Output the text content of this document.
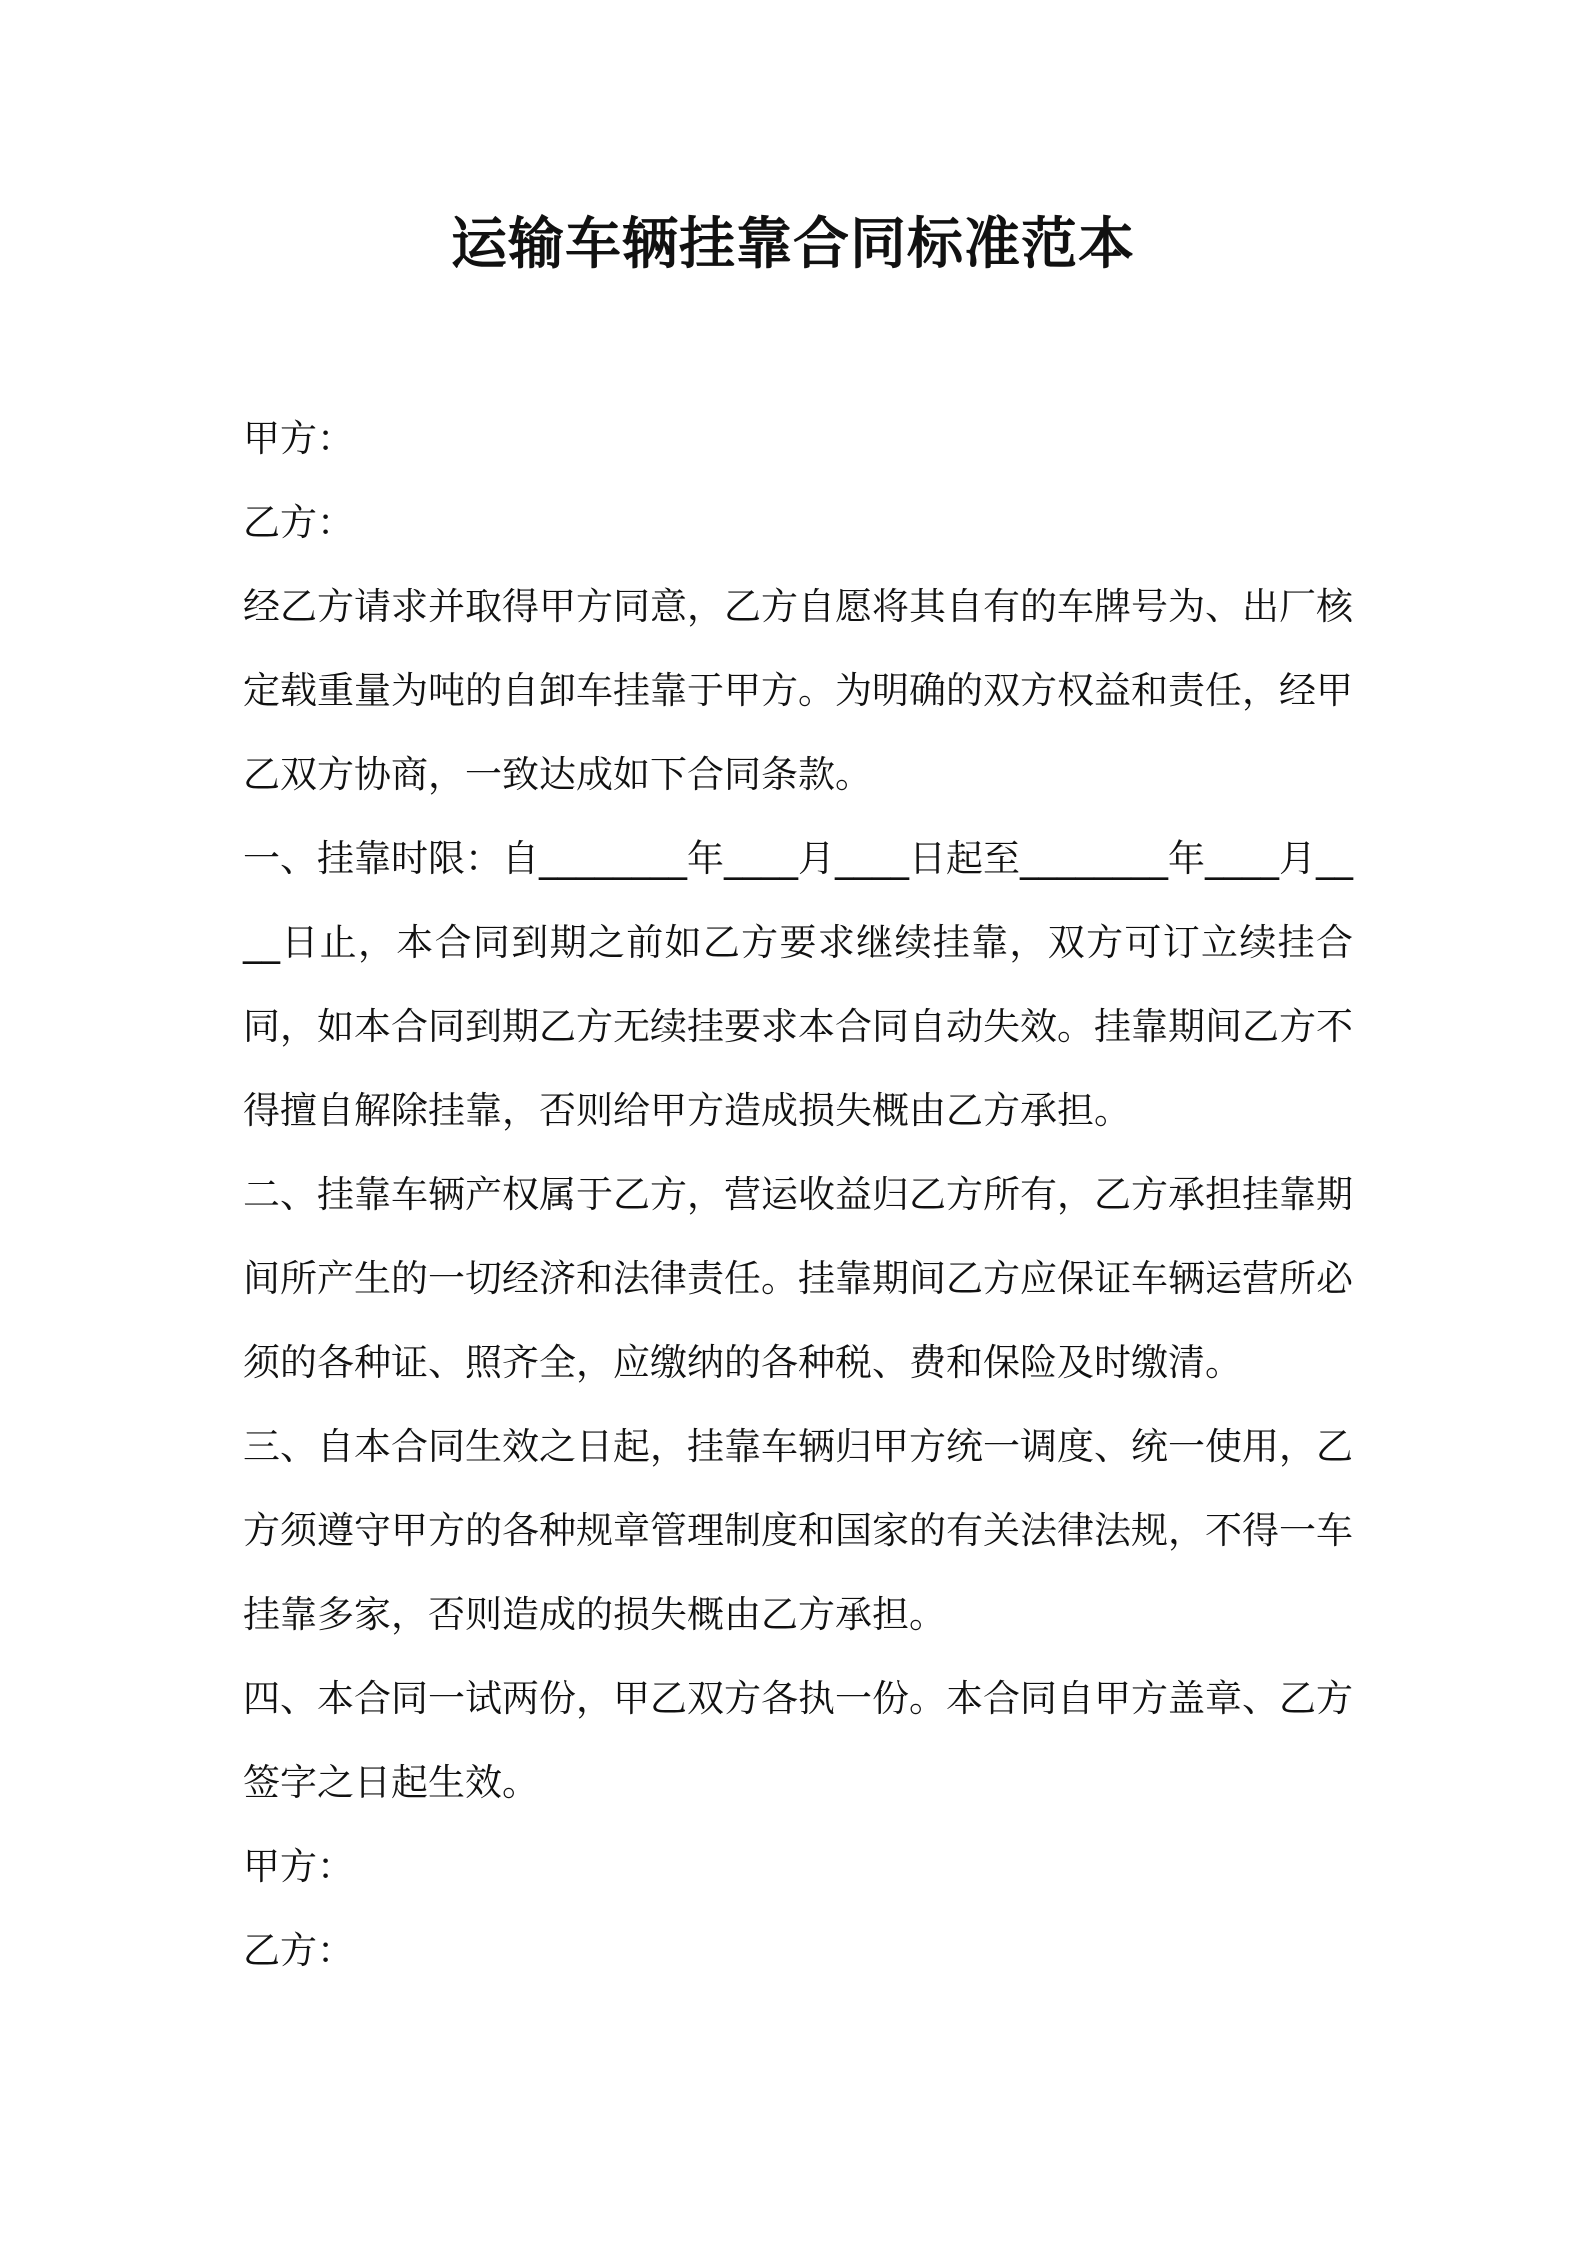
运输车辆挂靠合同标准范本

甲方：

乙方：

经乙方请求并取得甲方同意，乙方自愿将其自有的车牌号为、出厂核定载重量为吨的自卸车挂靠于甲方。为明确的双方权益和责任，经甲乙双方协商，一致达成如下合同条款。

一、挂靠时限：自________年____月____日起至________年____月____日止，本合同到期之前如乙方要求继续挂靠，双方可订立续挂合同，如本合同到期乙方无续挂要求本合同自动失效。挂靠期间乙方不得擅自解除挂靠，否则给甲方造成损失概由乙方承担。

二、挂靠车辆产权属于乙方，营运收益归乙方所有，乙方承担挂靠期间所产生的一切经济和法律责任。挂靠期间乙方应保证车辆运营所必须的各种证、照齐全，应缴纳的各种税、费和保险及时缴清。

三、自本合同生效之日起，挂靠车辆归甲方统一调度、统一使用，乙方须遵守甲方的各种规章管理制度和国家的有关法律法规，不得一车挂靠多家，否则造成的损失概由乙方承担。

四、本合同一试两份，甲乙双方各执一份。本合同自甲方盖章、乙方签字之日起生效。

甲方：

乙方：
